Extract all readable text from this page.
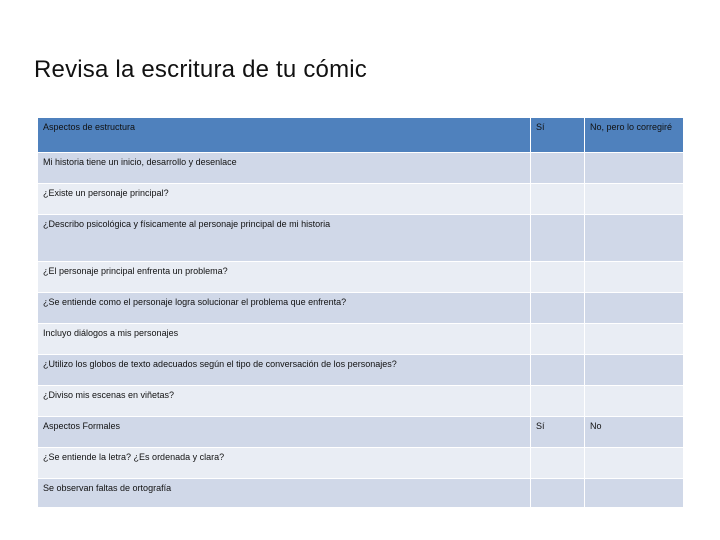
Revisa la escritura de tu cómic
Aspectos de estructura	Sí	No, pero lo corregiré
Mi historia tiene un inicio, desarrollo y desenlace		
¿Existe un personaje principal?		
¿Describo psicológica y físicamente al personaje principal de mi historia		
¿El personaje principal enfrenta un problema?		
¿Se entiende como el personaje logra solucionar el problema que enfrenta?		
Incluyo diálogos a mis personajes		
¿Utilizo los globos de texto adecuados según el tipo de conversación de los personajes?		
¿Diviso mis escenas en viñetas?		
Aspectos Formales	Sí	No
¿Se entiende la letra? ¿Es ordenada y clara?		
Se observan faltas de ortografía		
